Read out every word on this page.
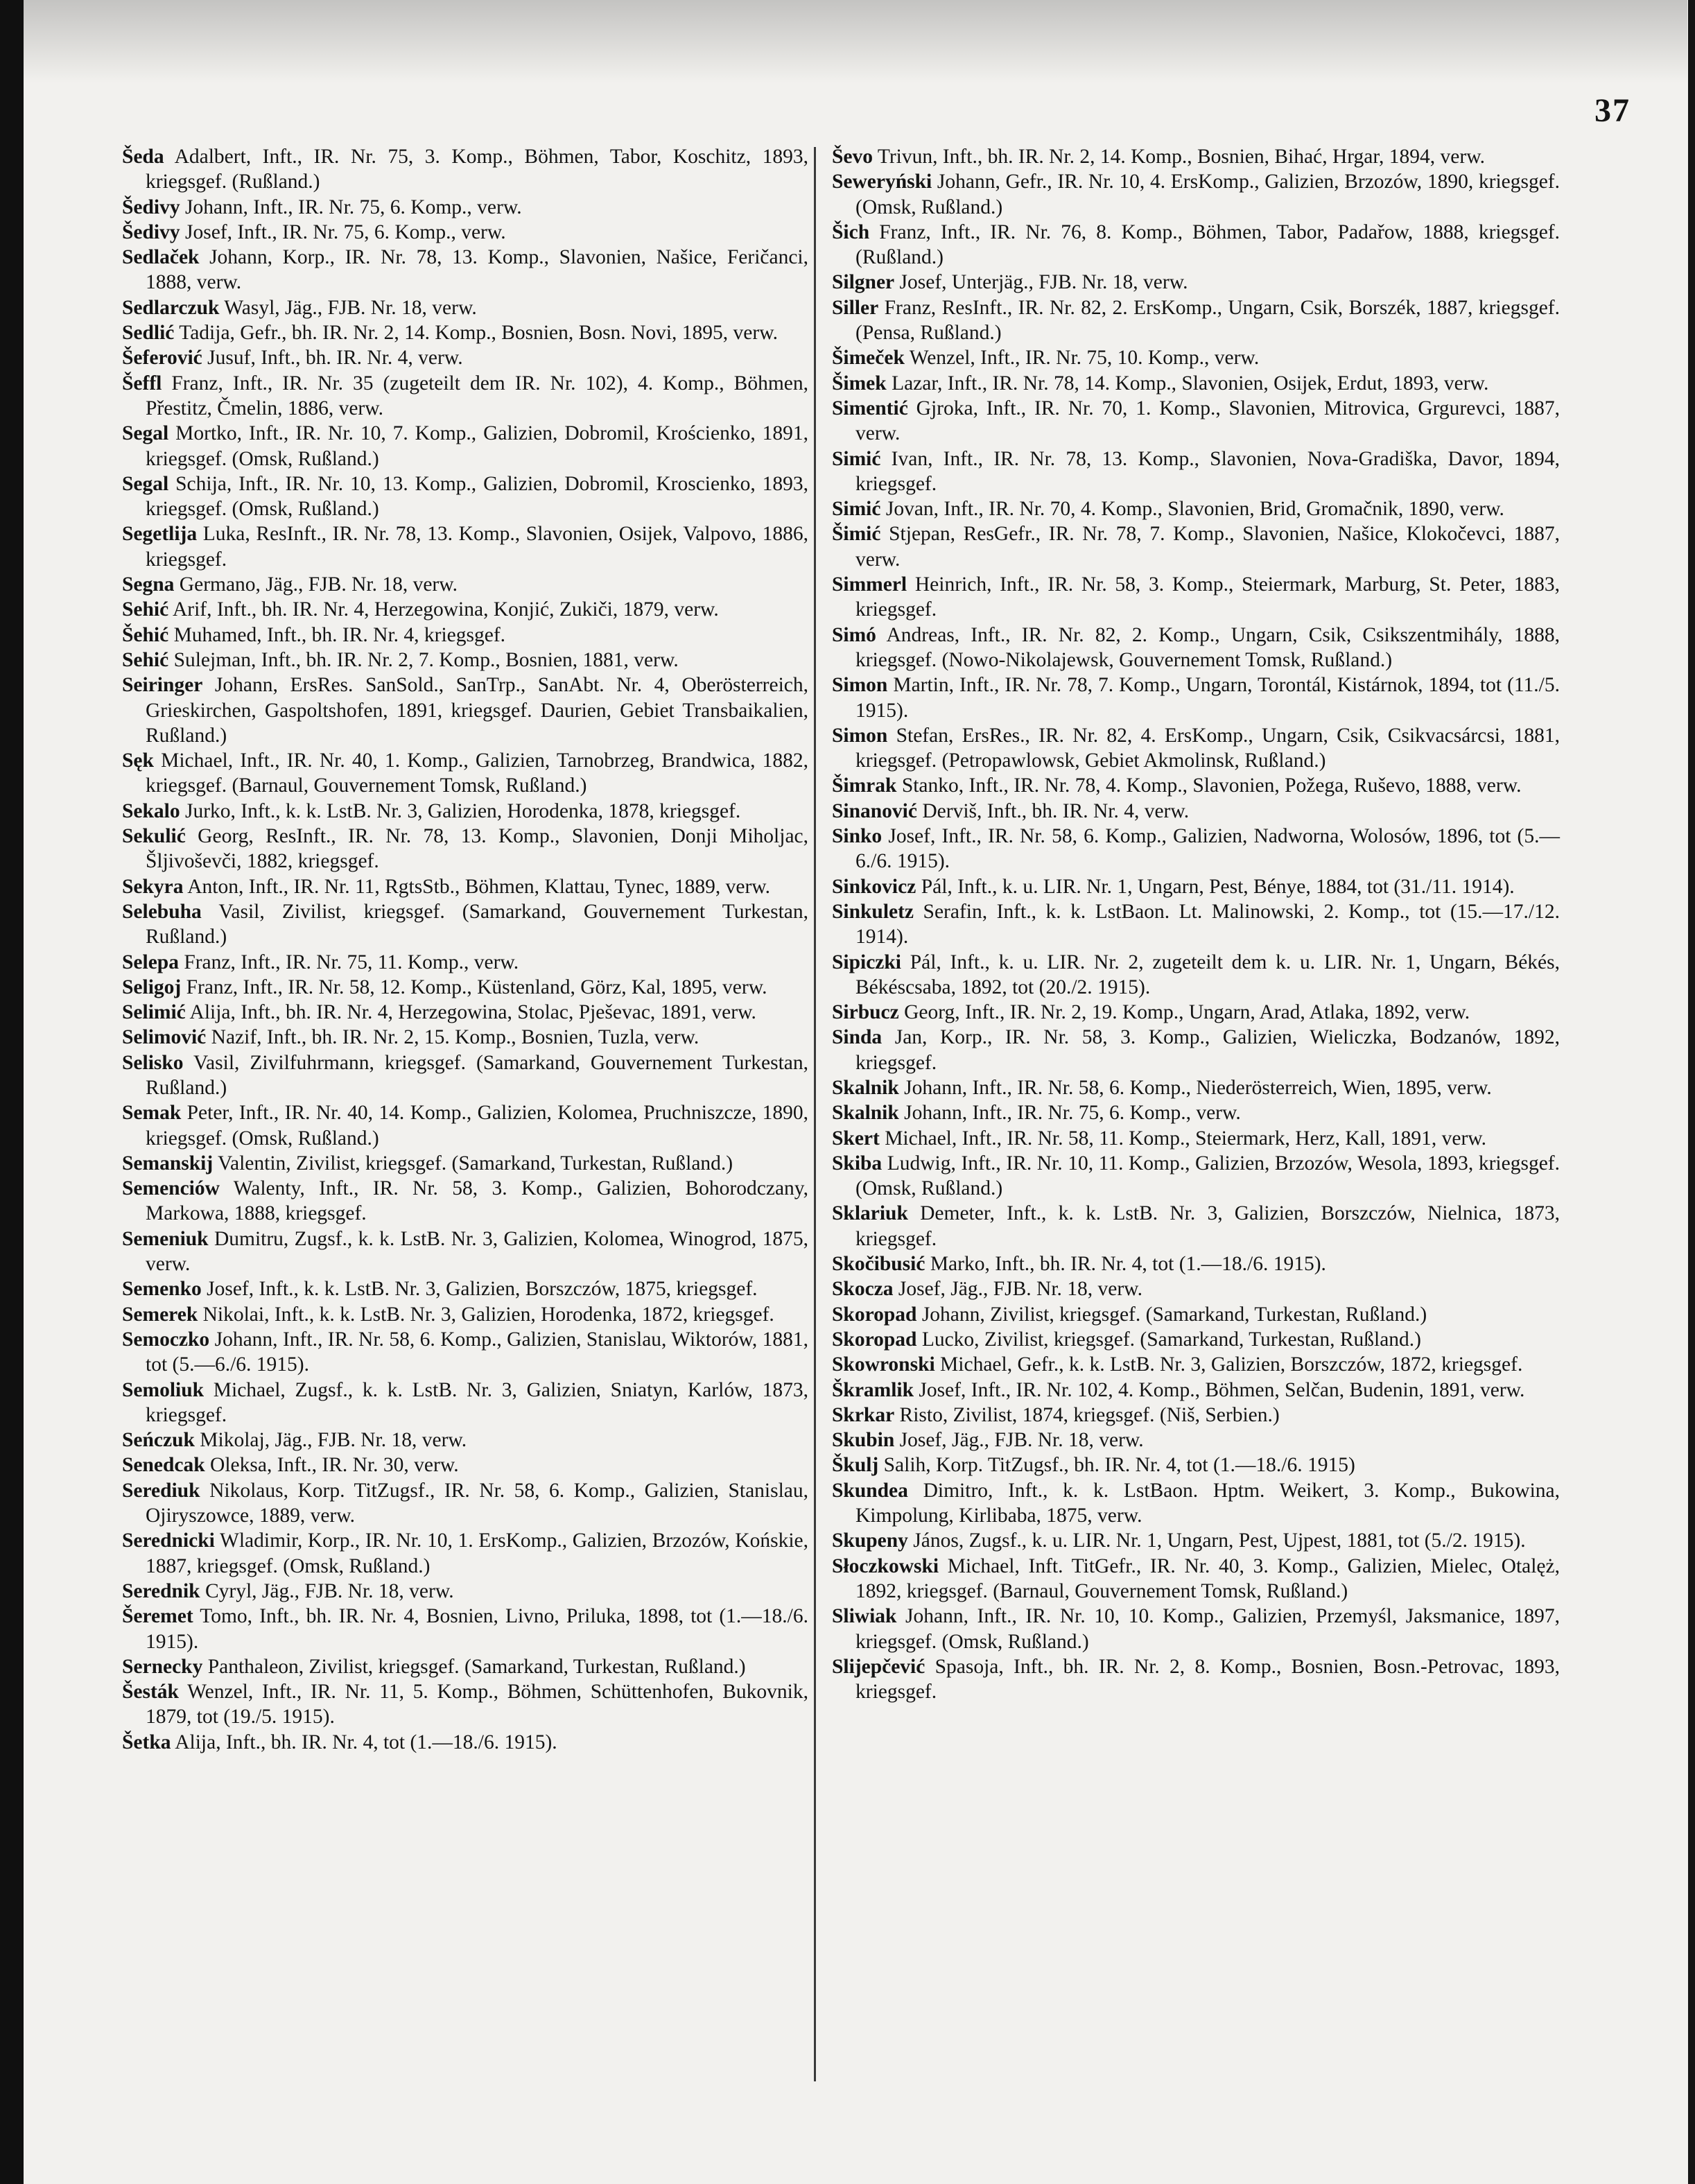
37

Šeda Adalbert, Inft., IR. Nr. 75, 3. Komp., Böhmen, Tabor, Koschitz, 1893, kriegsgef. (Rußland.)

Šedivy Johann, Inft., IR. Nr. 75, 6. Komp., verw.

Šedivy Josef, Inft., IR. Nr. 75, 6. Komp., verw.

Sedlaček Johann, Korp., IR. Nr. 78, 13. Komp., Slavonien, Našice, Feričanci, 1888, verw.

Sedlarczuk Wasyl, Jäg., FJB. Nr. 18, verw.

Sedlić Tadija, Gefr., bh. IR. Nr. 2, 14. Komp., Bosnien, Bosn. Novi, 1895, verw.

Šeferović Jusuf, Inft., bh. IR. Nr. 4, verw.

Šeffl Franz, Inft., IR. Nr. 35 (zugeteilt dem IR. Nr. 102), 4. Komp., Böhmen, Přestitz, Čmelin, 1886, verw.

Segal Mortko, Inft., IR. Nr. 10, 7. Komp., Galizien, Dobromil, Krościenko, 1891, kriegsgef. (Omsk, Rußland.)

Segal Schija, Inft., IR. Nr. 10, 13. Komp., Galizien, Dobromil, Kroscienko, 1893, kriegsgef. (Omsk, Rußland.)

Segetlija Luka, ResInft., IR. Nr. 78, 13. Komp., Slavonien, Osijek, Valpovo, 1886, kriegsgef.

Segna Germano, Jäg., FJB. Nr. 18, verw.

Sehić Arif, Inft., bh. IR. Nr. 4, Herzegowina, Konjić, Zukiči, 1879, verw.

Šehić Muhamed, Inft., bh. IR. Nr. 4, kriegsgef.

Sehić Sulejman, Inft., bh. IR. Nr. 2, 7. Komp., Bosnien, 1881, verw.

Seiringer Johann, ErsRes. SanSold., SanTrp., SanAbt. Nr. 4, Oberösterreich, Grieskirchen, Gaspoltshofen, 1891, kriegsgef. Daurien, Gebiet Transbaikalien, Rußland.)

Sęk Michael, Inft., IR. Nr. 40, 1. Komp., Galizien, Tarnobrzeg, Brandwica, 1882, kriegsgef. (Barnaul, Gouvernement Tomsk, Rußland.)

Sekalo Jurko, Inft., k. k. LstB. Nr. 3, Galizien, Horodenka, 1878, kriegsgef.

Sekulić Georg, ResInft., IR. Nr. 78, 13. Komp., Slavonien, Donji Miholjac, Šljivoševči, 1882, kriegsgef.

Sekyra Anton, Inft., IR. Nr. 11, RgtsStb., Böhmen, Klattau, Tynec, 1889, verw.

Selebuha Vasil, Zivilist, kriegsgef. (Samarkand, Gouvernement Turkestan, Rußland.)

Selepa Franz, Inft., IR. Nr. 75, 11. Komp., verw.

Seligoj Franz, Inft., IR. Nr. 58, 12. Komp., Küstenland, Görz, Kal, 1895, verw.

Selimić Alija, Inft., bh. IR. Nr. 4, Herzegowina, Stolac, Pješevac, 1891, verw.

Selimović Nazif, Inft., bh. IR. Nr. 2, 15. Komp., Bosnien, Tuzla, verw.

Selisko Vasil, Zivilfuhrmann, kriegsgef. (Samarkand, Gouvernement Turkestan, Rußland.)

Semak Peter, Inft., IR. Nr. 40, 14. Komp., Galizien, Kolomea, Pruchniszcze, 1890, kriegsgef. (Omsk, Rußland.)

Semanskij Valentin, Zivilist, kriegsgef. (Samarkand, Turkestan, Rußland.)

Semenciów Walenty, Inft., IR. Nr. 58, 3. Komp., Galizien, Bohorodczany, Markowa, 1888, kriegsgef.

Semeniuk Dumitru, Zugsf., k. k. LstB. Nr. 3, Galizien, Kolomea, Winogrod, 1875, verw.

Semenko Josef, Inft., k. k. LstB. Nr. 3, Galizien, Borszczów, 1875, kriegsgef.

Semerek Nikolai, Inft., k. k. LstB. Nr. 3, Galizien, Horodenka, 1872, kriegsgef.

Semoczko Johann, Inft., IR. Nr. 58, 6. Komp., Galizien, Stanislau, Wiktorów, 1881, tot (5.—6./6. 1915).

Semoliuk Michael, Zugsf., k. k. LstB. Nr. 3, Galizien, Sniatyn, Karlów, 1873, kriegsgef.

Seńczuk Mikolaj, Jäg., FJB. Nr. 18, verw.

Senedcak Oleksa, Inft., IR. Nr. 30, verw.

Serediuk Nikolaus, Korp. TitZugsf., IR. Nr. 58, 6. Komp., Galizien, Stanislau, Ojiryszowce, 1889, verw.

Serednicki Wladimir, Korp., IR. Nr. 10, 1. ErsKomp., Galizien, Brzozów, Końskie, 1887, kriegsgef. (Omsk, Rußland.)

Serednik Cyryl, Jäg., FJB. Nr. 18, verw.

Šeremet Tomo, Inft., bh. IR. Nr. 4, Bosnien, Livno, Priluka, 1898, tot (1.—18./6. 1915).

Sernecky Panthaleon, Zivilist, kriegsgef. (Samarkand, Turkestan, Rußland.)

Šesták Wenzel, Inft., IR. Nr. 11, 5. Komp., Böhmen, Schüttenhofen, Bukovnik, 1879, tot (19./5. 1915).

Šetka Alija, Inft., bh. IR. Nr. 4, tot (1.—18./6. 1915).

Ševo Trivun, Inft., bh. IR. Nr. 2, 14. Komp., Bosnien, Bihać, Hrgar, 1894, verw.

Seweryński Johann, Gefr., IR. Nr. 10, 4. ErsKomp., Galizien, Brzozów, 1890, kriegsgef. (Omsk, Rußland.)

Šich Franz, Inft., IR. Nr. 76, 8. Komp., Böhmen, Tabor, Padařow, 1888, kriegsgef. (Rußland.)

Silgner Josef, Unterjäg., FJB. Nr. 18, verw.

Siller Franz, ResInft., IR. Nr. 82, 2. ErsKomp., Ungarn, Csik, Borszék, 1887, kriegsgef. (Pensa, Rußland.)

Šimeček Wenzel, Inft., IR. Nr. 75, 10. Komp., verw.

Šimek Lazar, Inft., IR. Nr. 78, 14. Komp., Slavonien, Osijek, Erdut, 1893, verw.

Simentić Gjroka, Inft., IR. Nr. 70, 1. Komp., Slavonien, Mitrovica, Grgurevci, 1887, verw.

Simić Ivan, Inft., IR. Nr. 78, 13. Komp., Slavonien, Nova-Gradiška, Davor, 1894, kriegsgef.

Simić Jovan, Inft., IR. Nr. 70, 4. Komp., Slavonien, Brid, Gromačnik, 1890, verw.

Šimić Stjepan, ResGefr., IR. Nr. 78, 7. Komp., Slavonien, Našice, Klokočevci, 1887, verw.

Simmerl Heinrich, Inft., IR. Nr. 58, 3. Komp., Steiermark, Marburg, St. Peter, 1883, kriegsgef.

Simó Andreas, Inft., IR. Nr. 82, 2. Komp., Ungarn, Csik, Csikszentmihály, 1888, kriegsgef. (Nowo-Nikolajewsk, Gouvernement Tomsk, Rußland.)

Simon Martin, Inft., IR. Nr. 78, 7. Komp., Ungarn, Torontál, Kistárnok, 1894, tot (11./5. 1915).

Simon Stefan, ErsRes., IR. Nr. 82, 4. ErsKomp., Ungarn, Csik, Csikvacsárcsi, 1881, kriegsgef. (Petropawlowsk, Gebiet Akmolinsk, Rußland.)

Šimrak Stanko, Inft., IR. Nr. 78, 4. Komp., Slavonien, Požega, Ruševo, 1888, verw.

Sinanović Derviš, Inft., bh. IR. Nr. 4, verw.

Sinko Josef, Inft., IR. Nr. 58, 6. Komp., Galizien, Nadworna, Wolosów, 1896, tot (5.—6./6. 1915).

Sinkovicz Pál, Inft., k. u. LIR. Nr. 1, Ungarn, Pest, Bénye, 1884, tot (31./11. 1914).

Sinkuletz Serafin, Inft., k. k. LstBaon. Lt. Malinowski, 2. Komp., tot (15.—17./12. 1914).

Sipiczki Pál, Inft., k. u. LIR. Nr. 2, zugeteilt dem k. u. LIR. Nr. 1, Ungarn, Békés, Békéscsaba, 1892, tot (20./2. 1915).

Sirbucz Georg, Inft., IR. Nr. 2, 19. Komp., Ungarn, Arad, Atlaka, 1892, verw.

Sinda Jan, Korp., IR. Nr. 58, 3. Komp., Galizien, Wieliczka, Bodzanów, 1892, kriegsgef.

Skalnik Johann, Inft., IR. Nr. 58, 6. Komp., Niederösterreich, Wien, 1895, verw.

Skalnik Johann, Inft., IR. Nr. 75, 6. Komp., verw.

Skert Michael, Inft., IR. Nr. 58, 11. Komp., Steiermark, Herz, Kall, 1891, verw.

Skiba Ludwig, Inft., IR. Nr. 10, 11. Komp., Galizien, Brzozów, Wesola, 1893, kriegsgef. (Omsk, Rußland.)

Sklariuk Demeter, Inft., k. k. LstB. Nr. 3, Galizien, Borszczów, Nielnica, 1873, kriegsgef.

Skočibusić Marko, Inft., bh. IR. Nr. 4, tot (1.—18./6. 1915).

Skocza Josef, Jäg., FJB. Nr. 18, verw.

Skoropad Johann, Zivilist, kriegsgef. (Samarkand, Turkestan, Rußland.)

Skoropad Lucko, Zivilist, kriegsgef. (Samarkand, Turkestan, Rußland.)

Skowronski Michael, Gefr., k. k. LstB. Nr. 3, Galizien, Borszczów, 1872, kriegsgef.

Škramlik Josef, Inft., IR. Nr. 102, 4. Komp., Böhmen, Selčan, Budenin, 1891, verw.

Skrkar Risto, Zivilist, 1874, kriegsgef. (Niš, Serbien.)

Skubin Josef, Jäg., FJB. Nr. 18, verw.

Škulj Salih, Korp. TitZugsf., bh. IR. Nr. 4, tot (1.—18./6. 1915)

Skundea Dimitro, Inft., k. k. LstBaon. Hptm. Weikert, 3. Komp., Bukowina, Kimpolung, Kirlibaba, 1875, verw.

Skupeny János, Zugsf., k. u. LIR. Nr. 1, Ungarn, Pest, Ujpest, 1881, tot (5./2. 1915).

Słoczkowski Michael, Inft. TitGefr., IR. Nr. 40, 3. Komp., Galizien, Mielec, Otalęż, 1892, kriegsgef. (Barnaul, Gouvernement Tomsk, Rußland.)

Sliwiak Johann, Inft., IR. Nr. 10, 10. Komp., Galizien, Przemyśl, Jaksmanice, 1897, kriegsgef. (Omsk, Rußland.)

Slijepčević Spasoja, Inft., bh. IR. Nr. 2, 8. Komp., Bosnien, Bosn.-Petrovac, 1893, kriegsgef.
